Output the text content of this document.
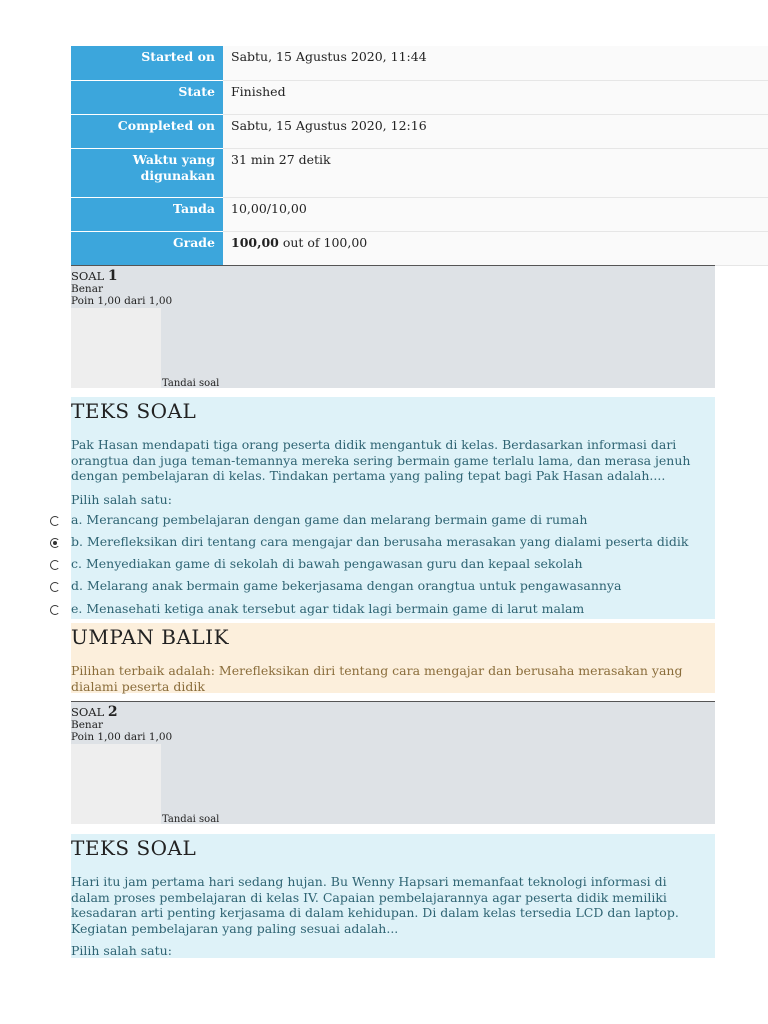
Started on	Sabtu, 15 Agustus 2020, 11:44
State	Finished
Completed on	Sabtu, 15 Agustus 2020, 12:16
Waktu yang digunakan	31 min 27 detik
Tanda	10,00/10,00
Grade	100,00 out of 100,00
SOAL 1
Benar
Poin 1,00 dari 1,00
Tandai soal
TEKS SOAL

Pak Hasan mendapati tiga orang peserta didik mengantuk di kelas. Berdasarkan informasi dari orangtua dan juga teman-temannya mereka sering bermain game terlalu lama, dan merasa jenuh dengan pembelajaran di kelas. Tindakan pertama yang paling tepat bagi Pak Hasan adalah....

Pilih salah satu:

a. Merancang pembelajaran dengan game dan melarang bermain game di rumah
b. Merefleksikan diri tentang cara mengajar dan berusaha merasakan yang dialami peserta didik
c. Menyediakan game di sekolah di bawah pengawasan guru dan kepaal sekolah
d. Melarang anak bermain game bekerjasama dengan orangtua untuk pengawasannya
e. Menasehati ketiga anak tersebut agar tidak lagi bermain game di larut malam
UMPAN BALIK

Pilihan terbaik adalah: Merefleksikan diri tentang cara mengajar dan berusaha merasakan yang dialami peserta didik

SOAL 2
Benar
Poin 1,00 dari 1,00
Tandai soal
TEKS SOAL

Hari itu jam pertama hari sedang hujan. Bu Wenny Hapsari memanfaat teknologi informasi di dalam proses pembelajaran di kelas IV. Capaian pembelajarannya agar peserta didik memiliki kesadaran arti penting kerjasama di dalam kehidupan. Di dalam kelas tersedia LCD dan laptop. Kegiatan pembelajaran yang paling sesuai adalah...

Pilih salah satu:
